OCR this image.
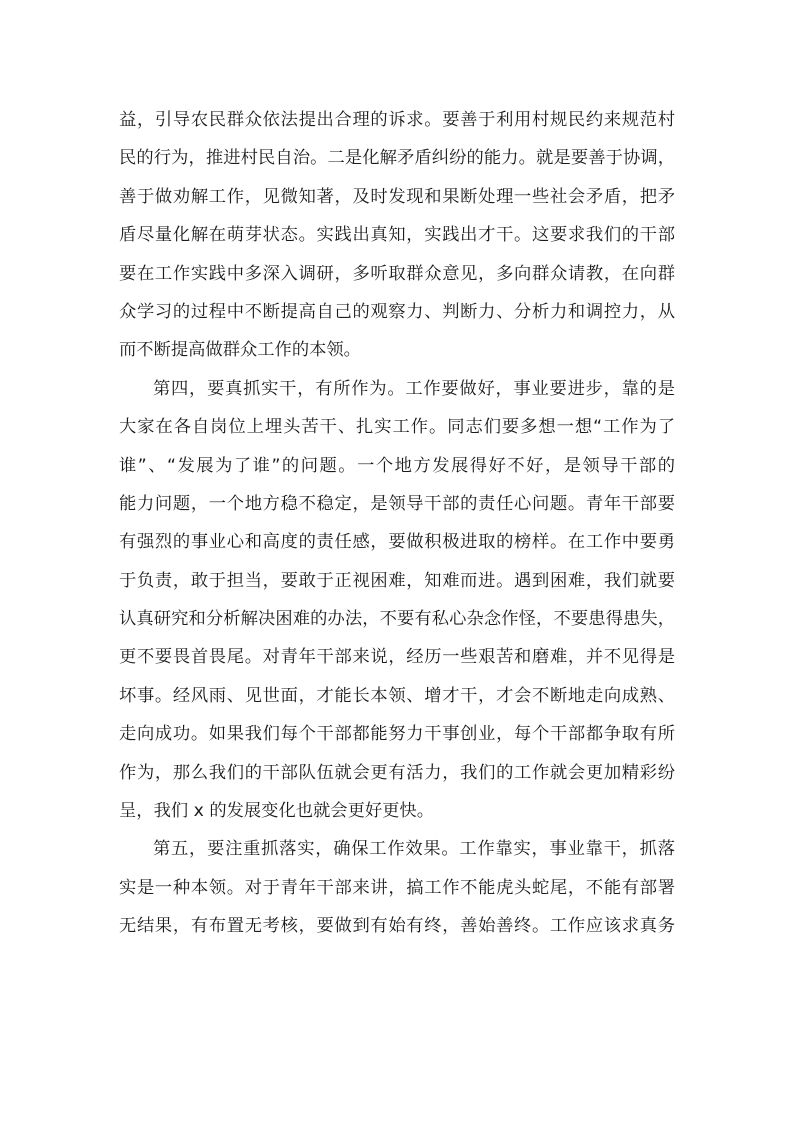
益，引导农民群众依法提出合理的诉求。要善于利用村规民约来规范村
民的行为，推进村民自治。二是化解矛盾纠纷的能力。就是要善于协调，
善于做劝解工作，见微知著，及时发现和果断处理一些社会矛盾，把矛
盾尽量化解在萌芽状态。实践出真知，实践出才干。这要求我们的干部
要在工作实践中多深入调研，多听取群众意见，多向群众请教，在向群
众学习的过程中不断提高自己的观察力、判断力、分析力和调控力，从
而不断提高做群众工作的本领。
第四，要真抓实干，有所作为。工作要做好，事业要进步，靠的是
大家在各自岗位上埋头苦干、扎实工作。同志们要多想一想“工作为了
谁”、“发展为了谁”的问题。一个地方发展得好不好，是领导干部的
能力问题，一个地方稳不稳定，是领导干部的责任心问题。青年干部要
有强烈的事业心和高度的责任感，要做积极进取的榜样。在工作中要勇
于负责，敢于担当，要敢于正视困难，知难而进。遇到困难，我们就要
认真研究和分析解决困难的办法，不要有私心杂念作怪，不要患得患失，
更不要畏首畏尾。对青年干部来说，经历一些艰苦和磨难，并不见得是
坏事。经风雨、见世面，才能长本领、增才干，才会不断地走向成熟、
走向成功。如果我们每个干部都能努力干事创业，每个干部都争取有所
作为，那么我们的干部队伍就会更有活力，我们的工作就会更加精彩纷
呈，我们 x 的发展变化也就会更好更快。
第五，要注重抓落实，确保工作效果。工作靠实，事业靠干，抓落
实是一种本领。对于青年干部来讲，搞工作不能虎头蛇尾，不能有部署
无结果，有布置无考核，要做到有始有终，善始善终。工作应该求真务
